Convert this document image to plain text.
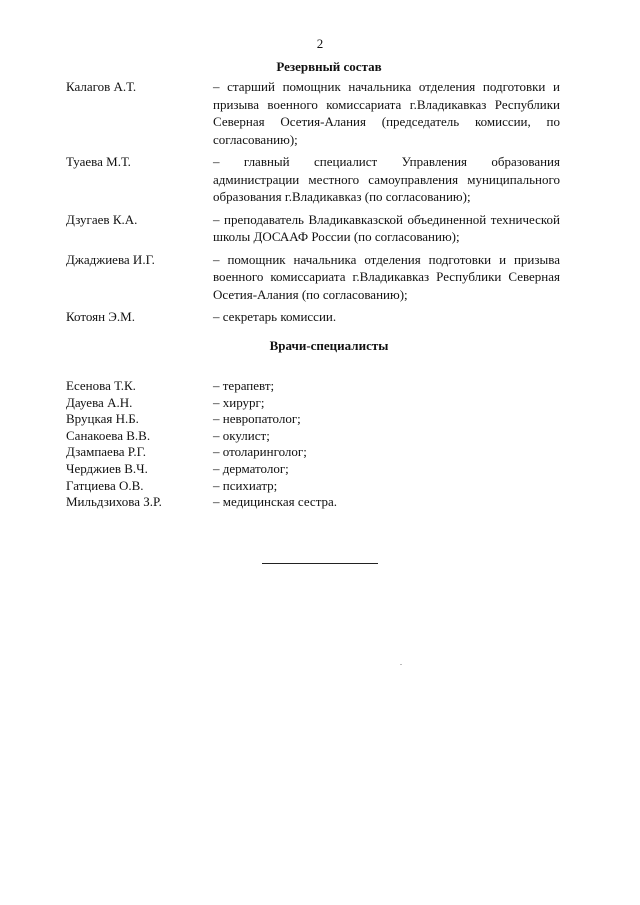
2
Резервный состав
Калагов А.Т.	– старший помощник начальника отделения подготовки и призыва военного комиссариата г.Владикавказ Республики Северная Осетия-Алания (председатель комиссии, по согласованию);
Туаева М.Т.	– главный специалист Управления образования администрации местного самоуправления муниципального образования г.Владикавказ (по согласованию);
Дзугаев К.А.	– преподаватель Владикавказской объединенной технической школы ДОСААФ России (по согласованию);
Джаджиева И.Г.	– помощник начальника отделения подготовки и призыва военного комиссариата г.Владикавказ Республики Северная Осетия-Алания (по согласованию);
Котоян Э.М.	– секретарь комиссии.
Врачи-специалисты
Есенова Т.К.	– терапевт;
Дауева А.Н.	– хирург;
Вруцкая Н.Б.	– невропатолог;
Санакоева В.В.	– окулист;
Дзампаева Р.Г.	– отоларинголог;
Черджиев В.Ч.	– дерматолог;
Гатциева О.В.	– психиатр;
Мильдзихова З.Р.	– медицинская сестра.
